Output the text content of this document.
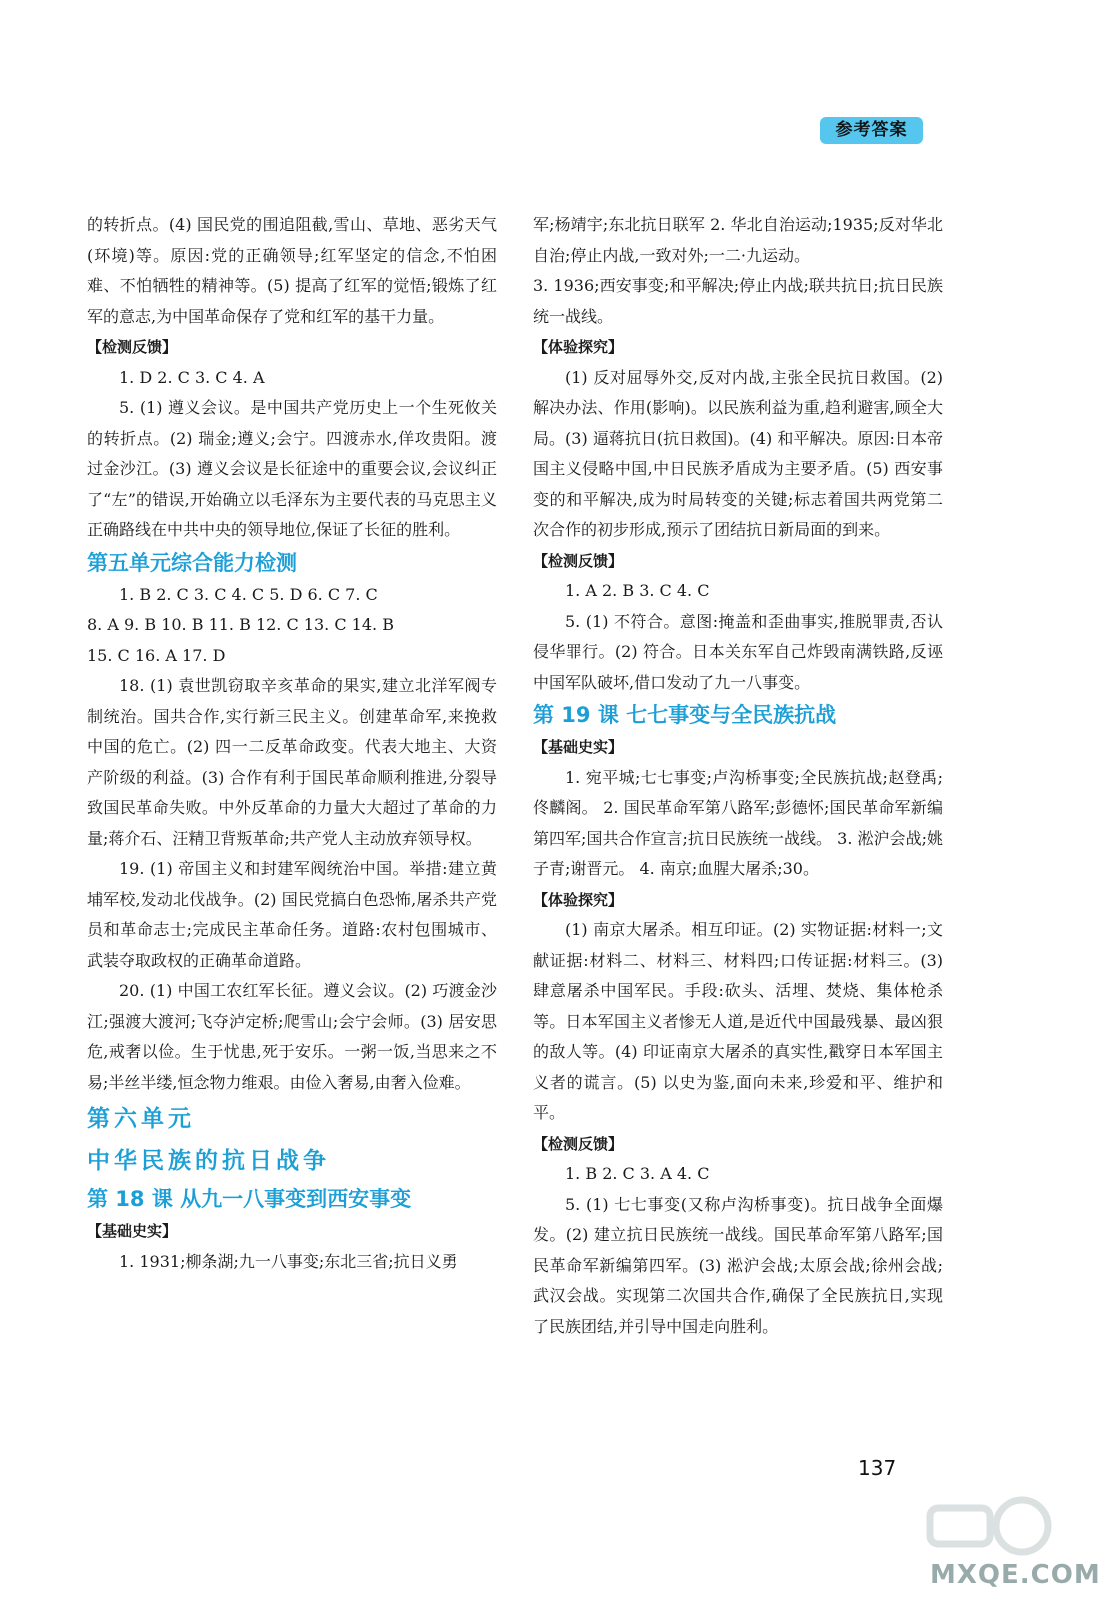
参考答案

的转折点。(4) 国民党的围追阻截,雪山、草地、恶劣天气(环境)等。原因:党的正确领导;红军坚定的信念,不怕困难、不怕牺牲的精神等。(5) 提高了红军的觉悟;锻炼了红军的意志,为中国革命保存了党和红军的基干力量。

【检测反馈】

1. D 2. C 3. C 4. A

5. (1) 遵义会议。是中国共产党历史上一个生死攸关的转折点。(2) 瑞金;遵义;会宁。四渡赤水,佯攻贵阳。渡过金沙江。(3) 遵义会议是长征途中的重要会议,会议纠正了“左”的错误,开始确立以毛泽东为主要代表的马克思主义正确路线在中共中央的领导地位,保证了长征的胜利。

第五单元综合能力检测

1. B 2. C 3. C 4. C 5. D 6. C 7. C

8. A 9. B 10. B 11. B 12. C 13. C 14. B

15. C 16. A 17. D

18. (1) 袁世凯窃取辛亥革命的果实,建立北洋军阀专制统治。国共合作,实行新三民主义。创建革命军,来挽救中国的危亡。(2) 四一二反革命政变。代表大地主、大资产阶级的利益。(3) 合作有利于国民革命顺利推进,分裂导致国民革命失败。中外反革命的力量大大超过了革命的力量;蒋介石、汪精卫背叛革命;共产党人主动放弃领导权。

19. (1) 帝国主义和封建军阀统治中国。举措:建立黄埔军校,发动北伐战争。(2) 国民党搞白色恐怖,屠杀共产党员和革命志士;完成民主革命任务。道路:农村包围城市、武装夺取政权的正确革命道路。

20. (1) 中国工农红军长征。遵义会议。(2) 巧渡金沙江;强渡大渡河;飞夺泸定桥;爬雪山;会宁会师。(3) 居安思危,戒奢以俭。生于忧患,死于安乐。一粥一饭,当思来之不易;半丝半缕,恒念物力维艰。由俭入奢易,由奢入俭难。

第六单元

中华民族的抗日战争

第 18 课 从九一八事变到西安事变

【基础史实】

1. 1931;柳条湖;九一八事变;东北三省;抗日义勇

军;杨靖宇;东北抗日联军 2. 华北自治运动;1935;反对华北自治;停止内战,一致对外;一二·九运动。

3. 1936;西安事变;和平解决;停止内战;联共抗日;抗日民族统一战线。

【体验探究】

(1) 反对屈辱外交,反对内战,主张全民抗日救国。(2) 解决办法、作用(影响)。以民族利益为重,趋利避害,顾全大局。(3) 逼蒋抗日(抗日救国)。(4) 和平解决。原因:日本帝国主义侵略中国,中日民族矛盾成为主要矛盾。(5) 西安事变的和平解决,成为时局转变的关键;标志着国共两党第二次合作的初步形成,预示了团结抗日新局面的到来。

【检测反馈】

1. A 2. B 3. C 4. C

5. (1) 不符合。意图:掩盖和歪曲事实,推脱罪责,否认侵华罪行。(2) 符合。日本关东军自己炸毁南满铁路,反诬中国军队破坏,借口发动了九一八事变。

第 19 课 七七事变与全民族抗战

【基础史实】

1. 宛平城;七七事变;卢沟桥事变;全民族抗战;赵登禹;佟麟阁。 2. 国民革命军第八路军;彭德怀;国民革命军新编第四军;国共合作宣言;抗日民族统一战线。 3. 淞沪会战;姚子青;谢晋元。 4. 南京;血腥大屠杀;30。

【体验探究】

(1) 南京大屠杀。相互印证。(2) 实物证据:材料一;文献证据:材料二、材料三、材料四;口传证据:材料三。(3) 肆意屠杀中国军民。手段:砍头、活埋、焚烧、集体枪杀等。日本军国主义者惨无人道,是近代中国最残暴、最凶狠的敌人等。(4) 印证南京大屠杀的真实性,戳穿日本军国主义者的谎言。(5) 以史为鉴,面向未来,珍爱和平、维护和平。

【检测反馈】

1. B 2. C 3. A 4. C

5. (1) 七七事变(又称卢沟桥事变)。抗日战争全面爆发。(2) 建立抗日民族统一战线。国民革命军第八路军;国民革命军新编第四军。(3) 淞沪会战;太原会战;徐州会战;武汉会战。实现第二次国共合作,确保了全民族抗日,实现了民族团结,并引导中国走向胜利。

137
MXQE.COM
